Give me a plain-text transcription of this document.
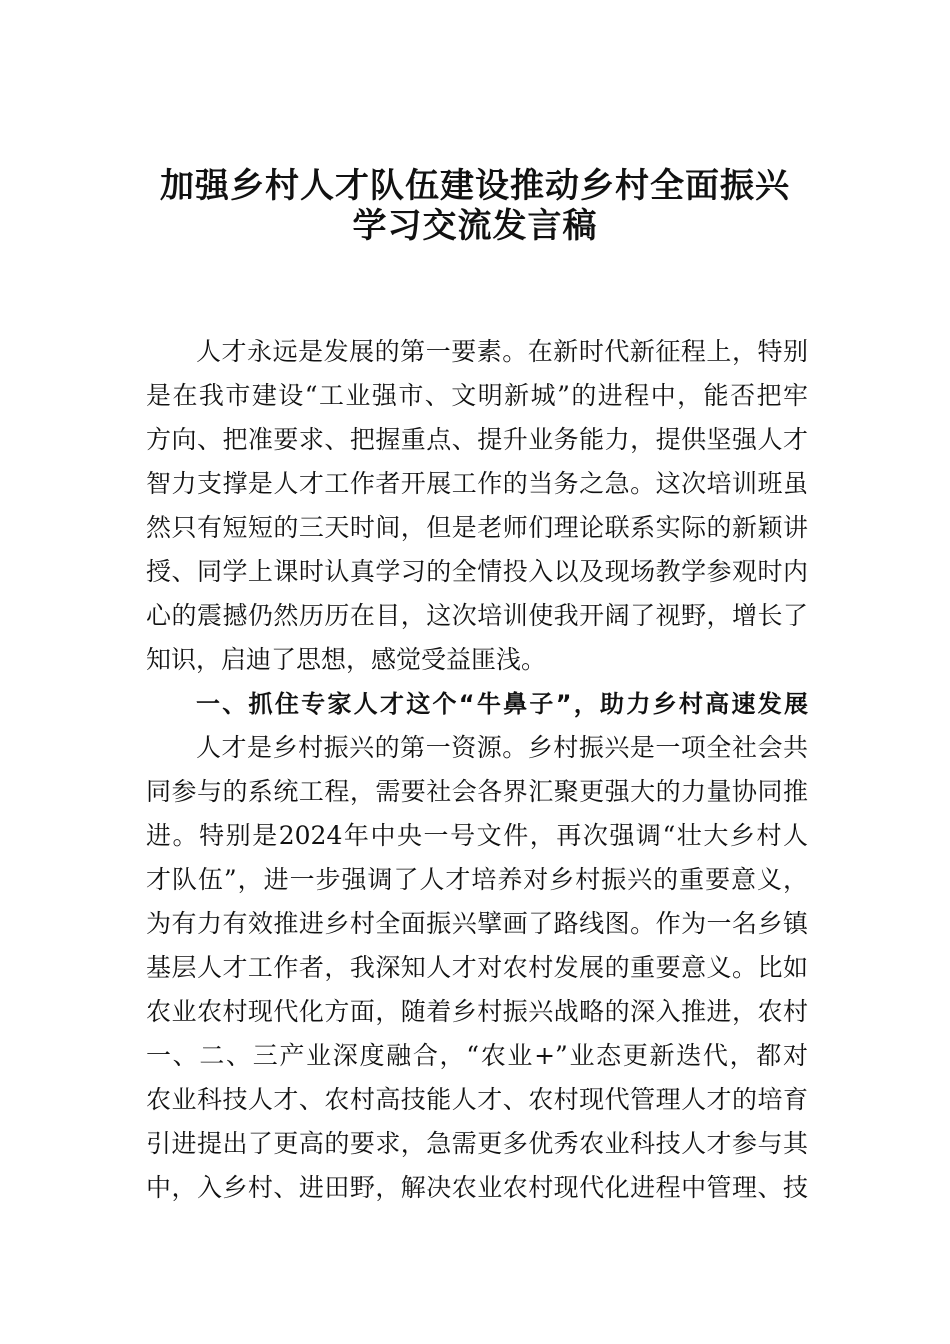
加强乡村人才队伍建设推动乡村全面振兴
学习交流发言稿
人才永远是发展的第一要素。在新时代新征程上，特别
是在我市建设“工业强市、文明新城”的进程中，能否把牢
方向、把准要求、把握重点、提升业务能力，提供坚强人才
智力支撑是人才工作者开展工作的当务之急。这次培训班虽
然只有短短的三天时间，但是老师们理论联系实际的新颖讲
授、同学上课时认真学习的全情投入以及现场教学参观时内
心的震撼仍然历历在目，这次培训使我开阔了视野，增长了
知识，启迪了思想，感觉受益匪浅。
一、抓住专家人才这个“牛鼻子”，助力乡村高速发展
人才是乡村振兴的第一资源。乡村振兴是一项全社会共
同参与的系统工程，需要社会各界汇聚更强大的力量协同推
进。特别是2024年中央一号文件，再次强调“壮大乡村人
才队伍”，进一步强调了人才培养对乡村振兴的重要意义，
为有力有效推进乡村全面振兴擘画了路线图。作为一名乡镇
基层人才工作者，我深知人才对农村发展的重要意义。比如
农业农村现代化方面，随着乡村振兴战略的深入推进，农村
一、二、三产业深度融合，“农业+”业态更新迭代，都对
农业科技人才、农村高技能人才、农村现代管理人才的培育
引进提出了更高的要求，急需更多优秀农业科技人才参与其
中，入乡村、进田野，解决农业农村现代化进程中管理、技
